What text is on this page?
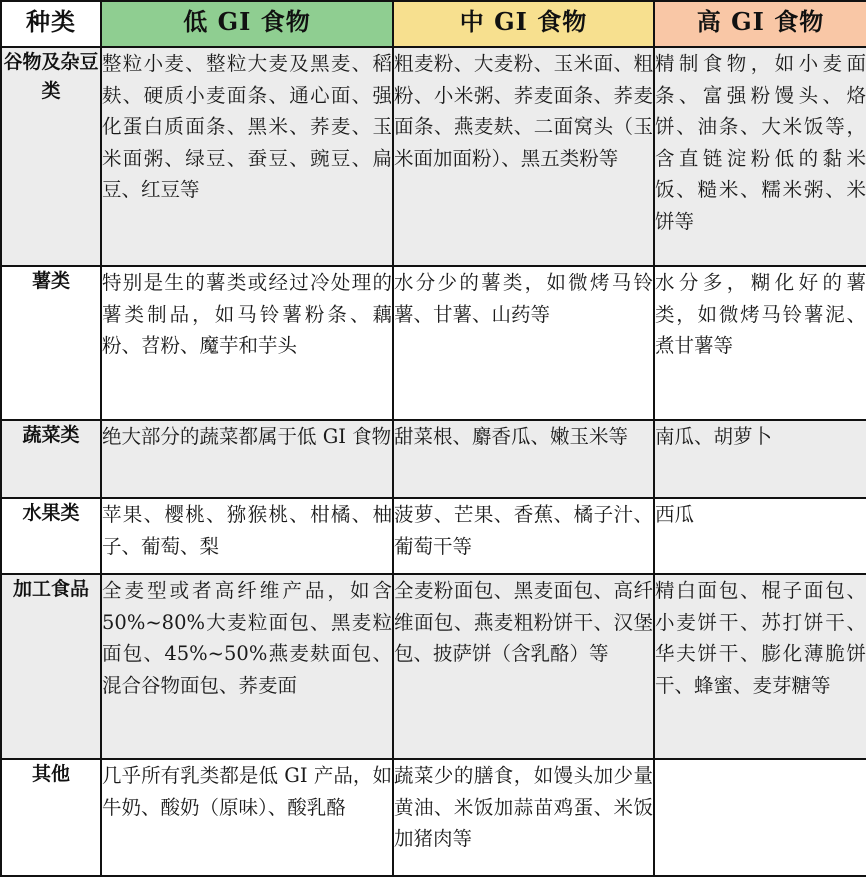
种类	低 GI 食物	中 GI 食物	高 GI 食物
谷物及杂豆类	整粒小麦、整粒大麦及黑麦、稻麸、硬质小麦面条、通心面、强化蛋白质面条、黑米、荞麦、玉米面粥、绿豆、蚕豆、豌豆、扁豆、红豆等	粗麦粉、大麦粉、玉米面、粗粉、小米粥、荞麦面条、荞麦面条、燕麦麸、二面窝头（玉米面加面粉）、黑五类粉等	精制食物，如小麦面条、富强粉馒头、烙饼、油条、大米饭等，含直链淀粉低的黏米饭、糙米、糯米粥、米饼等
薯类	特别是生的薯类或经过冷处理的薯类制品，如马铃薯粉条、藕粉、苕粉、魔芋和芋头	水分少的薯类，如微烤马铃薯、甘薯、山药等	水分多，糊化好的薯类，如微烤马铃薯泥、煮甘薯等
蔬菜类	绝大部分的蔬菜都属于低 GI 食物	甜菜根、麝香瓜、嫩玉米等	南瓜、胡萝卜
水果类	苹果、樱桃、猕猴桃、柑橘、柚子、葡萄、梨	菠萝、芒果、香蕉、橘子汁、葡萄干等	西瓜
加工食品	全麦型或者高纤维产品，如含 50%~80%大麦粒面包、黑麦粒面包、45%~50%燕麦麸面包、混合谷物面包、荞麦面	全麦粉面包、黑麦面包、高纤维面包、燕麦粗粉饼干、汉堡包、披萨饼（含乳酪）等	精白面包、棍子面包、小麦饼干、苏打饼干、华夫饼干、膨化薄脆饼干、蜂蜜、麦芽糖等
其他	几乎所有乳类都是低 GI 产品，如牛奶、酸奶（原味）、酸乳酪	蔬菜少的膳食，如馒头加少量黄油、米饭加蒜苗鸡蛋、米饭加猪肉等	
